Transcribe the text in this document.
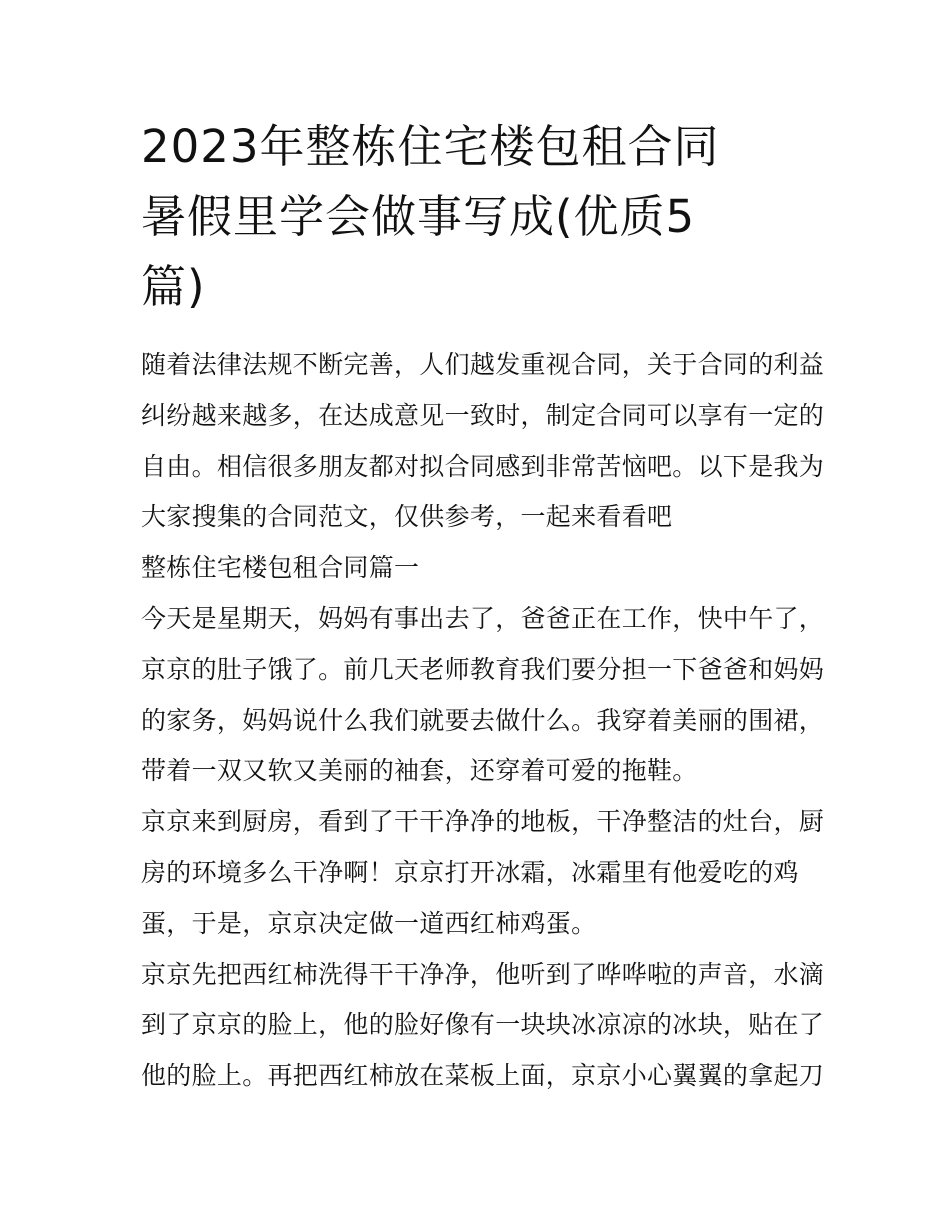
2023年整栋住宅楼包租合同
暑假里学会做事写成(优质5
篇)
随着法律法规不断完善，人们越发重视合同，关于合同的利益
纠纷越来越多，在达成意见一致时，制定合同可以享有一定的
自由。相信很多朋友都对拟合同感到非常苦恼吧。以下是我为
大家搜集的合同范文，仅供参考，一起来看看吧
整栋住宅楼包租合同篇一
今天是星期天，妈妈有事出去了，爸爸正在工作，快中午了，
京京的肚子饿了。前几天老师教育我们要分担一下爸爸和妈妈
的家务，妈妈说什么我们就要去做什么。我穿着美丽的围裙，
带着一双又软又美丽的袖套，还穿着可爱的拖鞋。
京京来到厨房，看到了干干净净的地板，干净整洁的灶台，厨
房的环境多么干净啊！京京打开冰霜，冰霜里有他爱吃的鸡
蛋，于是，京京决定做一道西红柿鸡蛋。
京京先把西红柿洗得干干净净，他听到了哗哗啦的声音，水滴
到了京京的脸上，他的脸好像有一块块冰凉凉的冰块，贴在了
他的脸上。再把西红柿放在菜板上面，京京小心翼翼的拿起刀
